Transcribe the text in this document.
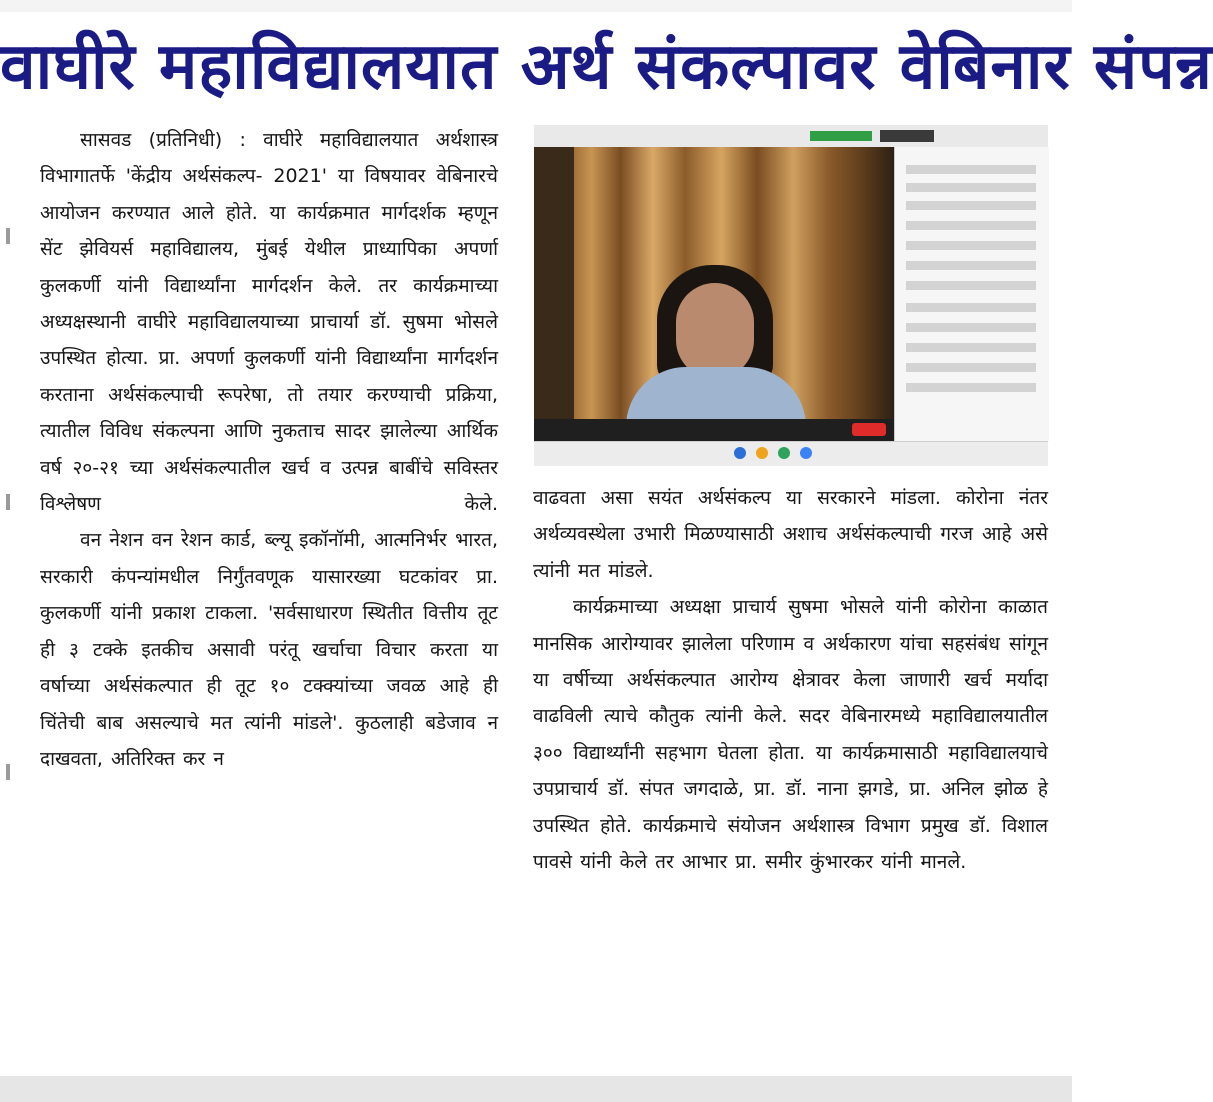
वाघीरे महाविद्यालयात अर्थ संकल्पावर वेबिनार संपन्न

सासवड (प्रतिनिधी) : वाघीरे महाविद्यालयात अर्थशास्त्र विभागातर्फे 'केंद्रीय अर्थसंकल्प- 2021' या विषयावर वेबिनारचे आयोजन करण्यात आले होते. या कार्यक्रमात मार्गदर्शक म्हणून सेंट झेवियर्स महाविद्यालय, मुंबई येथील प्राध्यापिका अपर्णा कुलकर्णी यांनी विद्यार्थ्यांना मार्गदर्शन केले. तर कार्यक्रमाच्या अध्यक्षस्थानी वाघीरे महाविद्यालयाच्या प्राचार्या डॉ. सुषमा भोसले उपस्थित होत्या. प्रा. अपर्णा कुलकर्णी यांनी विद्यार्थ्यांना मार्गदर्शन करताना अर्थसंकल्पाची रूपरेषा, तो तयार करण्याची प्रक्रिया, त्यातील विविध संकल्पना आणि नुकताच सादर झालेल्या आर्थिक वर्ष २०-२१ च्या अर्थसंकल्पातील खर्च व उत्पन्न बाबींचे सविस्तर विश्लेषण केले.

वन नेशन वन रेशन कार्ड, ब्ल्यू इकॉनॉमी, आत्मनिर्भर भारत, सरकारी कंपन्यांमधील निर्गुंतवणूक यासारख्या घटकांवर प्रा. कुलकर्णी यांनी प्रकाश टाकला. 'सर्वसाधारण स्थितीत वित्तीय तूट ही ३ टक्के इतकीच असावी परंतू खर्चाचा विचार करता या वर्षाच्या अर्थसंकल्पात ही तूट १० टक्क्यांच्या जवळ आहे ही चिंतेची बाब असल्याचे मत त्यांनी मांडले'. कुठलाही बडेजाव न दाखवता, अतिरिक्त कर न

वाढवता असा सयंत अर्थसंकल्प या सरकारने मांडला. कोरोना नंतर अर्थव्यवस्थेला उभारी मिळण्यासाठी अशाच अर्थसंकल्पाची गरज आहे असे त्यांनी मत मांडले.

कार्यक्रमाच्या अध्यक्षा प्राचार्य सुषमा भोसले यांनी कोरोना काळात मानसिक आरोग्यावर झालेला परिणाम व अर्थकारण यांचा सहसंबंध सांगून या वर्षीच्या अर्थसंकल्पात आरोग्य क्षेत्रावर केला जाणारी खर्च मर्यादा वाढविली त्याचे कौतुक त्यांनी केले. सदर वेबिनारमध्ये महाविद्यालयातील ३०० विद्यार्थ्यांनी सहभाग घेतला होता. या कार्यक्रमासाठी महाविद्यालयाचे उपप्राचार्य डॉ. संपत जगदाळे, प्रा. डॉ. नाना झगडे, प्रा. अनिल झोळ हे उपस्थित होते. कार्यक्रमाचे संयोजन अर्थशास्त्र विभाग प्रमुख डॉ. विशाल पावसे यांनी केले तर आभार प्रा. समीर कुंभारकर यांनी मानले.
